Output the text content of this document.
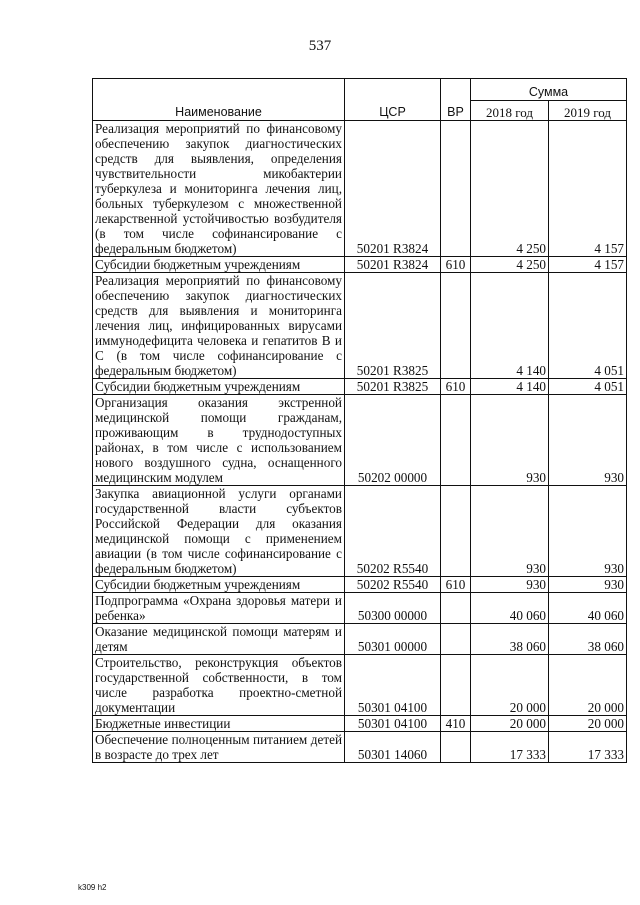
537
Наименование	ЦСР	ВР	Сумма	
			2018 год	2019 год
Реализация мероприятий по финансовому обеспечению закупок диагностических средств для выявления, определения чувствительности микобактерии туберкулеза и мониторинга лечения лиц, больных туберкулезом с множественной лекарственной устойчивостью возбудителя (в том числе софинансирование с федеральным бюджетом)	50201 R3824		4 250	4 157
Субсидии бюджетным учреждениям	50201 R3824	610	4 250	4 157
Реализация мероприятий по финансовому обеспечению закупок диагностических средств для выявления и мониторинга лечения лиц, инфицированных вирусами иммунодефицита человека и гепатитов B и C (в том числе софинансирование с федеральным бюджетом)	50201 R3825		4 140	4 051
Субсидии бюджетным учреждениям	50201 R3825	610	4 140	4 051
Организация оказания экстренной медицинской помощи гражданам, проживающим в труднодоступных районах, в том числе с использованием нового воздушного судна, оснащенного медицинским модулем	50202 00000		930	930
Закупка авиационной услуги органами государственной власти субъектов Российской Федерации для оказания медицинской помощи с применением авиации (в том числе софинансирование с федеральным бюджетом)	50202 R5540		930	930
Субсидии бюджетным учреждениям	50202 R5540	610	930	930
Подпрограмма «Охрана здоровья матери и ребенка»	50300 00000		40 060	40 060
Оказание медицинской помощи матерям и детям	50301 00000		38 060	38 060
Строительство, реконструкция объектов государственной собственности, в том числе разработка проектно-сметной документации	50301 04100		20 000	20 000
Бюджетные инвестиции	50301 04100	410	20 000	20 000
Обеспечение полноценным питанием детей в возрасте до трех лет	50301 14060		17 333	17 333
k309 h2
